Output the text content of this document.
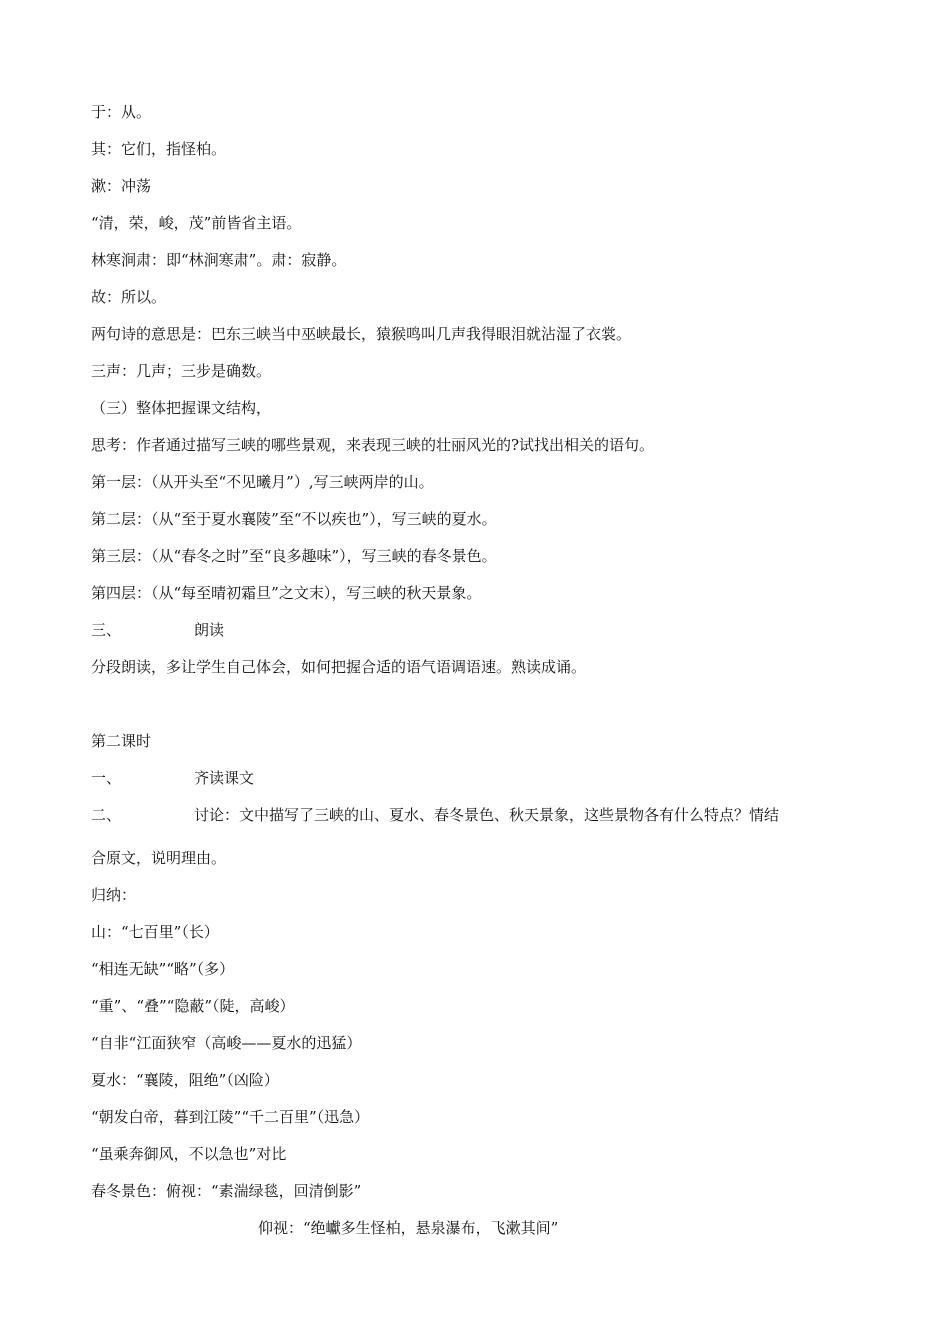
于：从。
其：它们，指怪柏。
漱：冲荡
“清，荣，峻，茂”前皆省主语。
林寒涧肃：即“林涧寒肃”。肃：寂静。
故：所以。
两句诗的意思是：巴东三峡当中巫峡最长，猿猴鸣叫几声我得眼泪就沾湿了衣裳。
三声：几声；三步是确数。
（三）整体把握课文结构，
思考：作者通过描写三峡的哪些景观，来表现三峡的壮丽风光的?试找出相关的语句。
第一层：（从开头至“不见曦月”）,写三峡两岸的山。
第二层：（从“至于夏水襄陵”至“不以疾也”），写三峡的夏水。
第三层：（从“春冬之时”至“良多趣味”），写三峡的春冬景色。
第四层：（从“每至晴初霜旦”之文末），写三峡的秋天景象。
三、	朗读
分段朗读，多让学生自己体会，如何把握合适的语气语调语速。熟读成诵。
第二课时
一、	齐读课文
二、	讨论：文中描写了三峡的山、夏水、春冬景色、秋天景象，这些景物各有什么特点？情结
合原文，说明理由。
归纳：
山：“七百里”（长）
“相连无缺”“略”（多）
“重”、“叠”“隐蔽”（陡，高峻）
“自非“江面狭窄（高峻——夏水的迅猛）
夏水：“襄陵，阻绝”（凶险）
“朝发白帝，暮到江陵”“千二百里”（迅急）
“虽乘奔御风，不以急也”对比
春冬景色：俯视：“素湍绿毯，回清倒影”
仰视：“绝巘多生怪柏，悬泉瀑布，飞漱其间”
